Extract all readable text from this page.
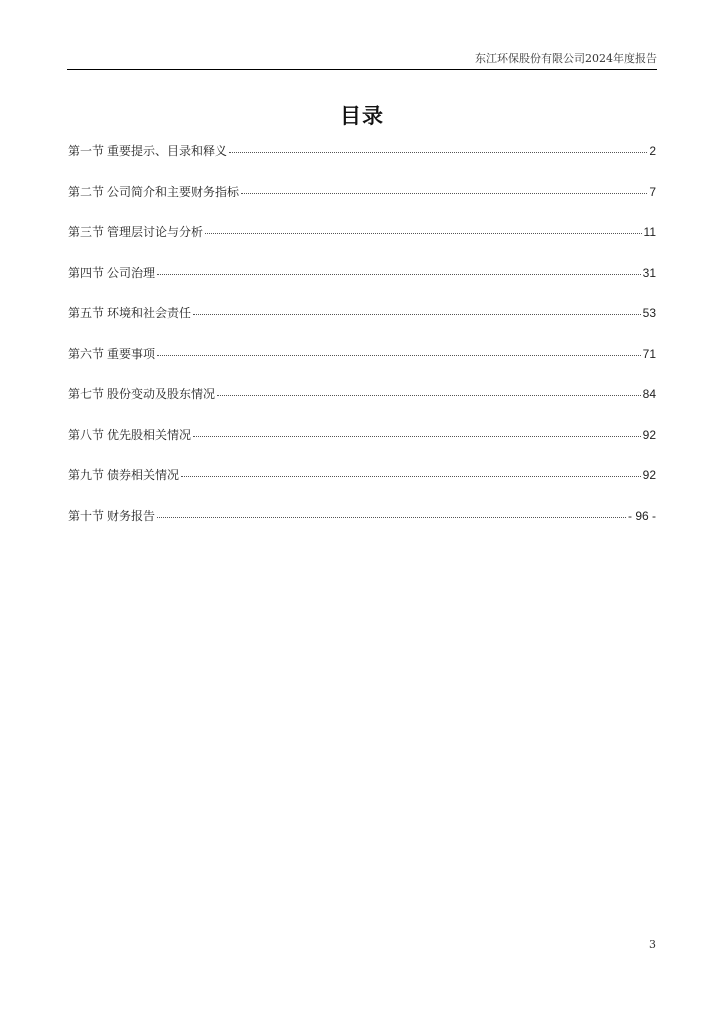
东江环保股份有限公司2024年度报告
目录
第一节 重要提示、目录和释义	2
第二节 公司简介和主要财务指标	7
第三节 管理层讨论与分析	11
第四节 公司治理	31
第五节 环境和社会责任	53
第六节 重要事项	71
第七节 股份变动及股东情况	84
第八节 优先股相关情况	92
第九节 债券相关情况	92
第十节 财务报告	- 96 -
3
